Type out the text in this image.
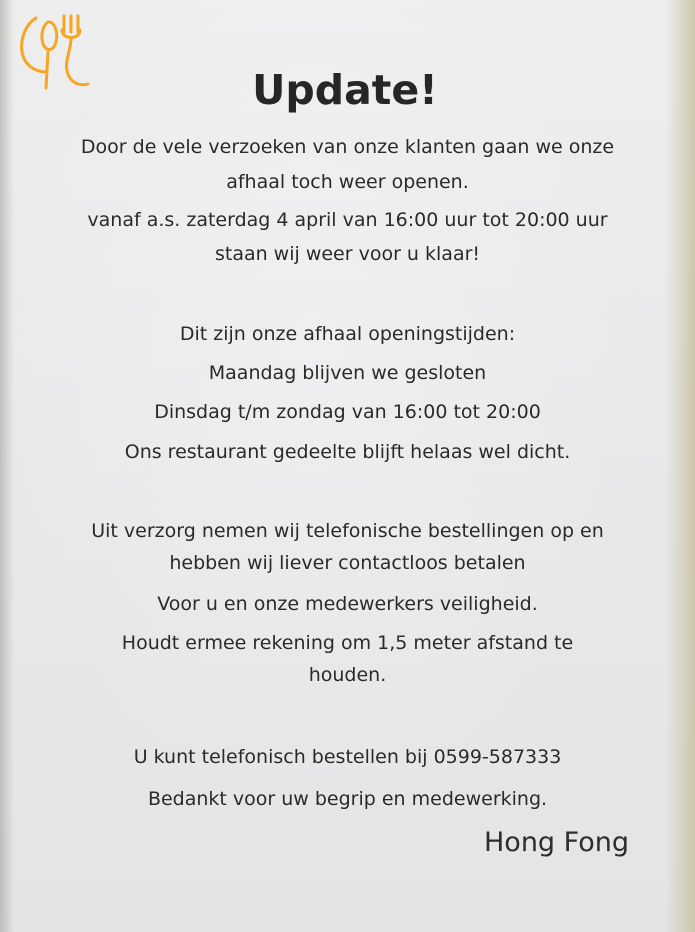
Update!
Door de vele verzoeken van onze klanten gaan we onze
afhaal toch weer openen.
vanaf a.s. zaterdag 4 april van 16:00 uur tot 20:00 uur
staan wij weer voor u klaar!
Dit zijn onze afhaal openingstijden:
Maandag blijven we gesloten
Dinsdag t/m zondag van 16:00 tot 20:00
Ons restaurant gedeelte blijft helaas wel dicht.
Uit verzorg nemen wij telefonische bestellingen op en
hebben wij liever contactloos betalen
Voor u en onze medewerkers veiligheid.
Houdt ermee rekening om 1,5 meter afstand te
houden.
U kunt telefonisch bestellen bij 0599-587333
Bedankt voor uw begrip en medewerking.
Hong Fong
